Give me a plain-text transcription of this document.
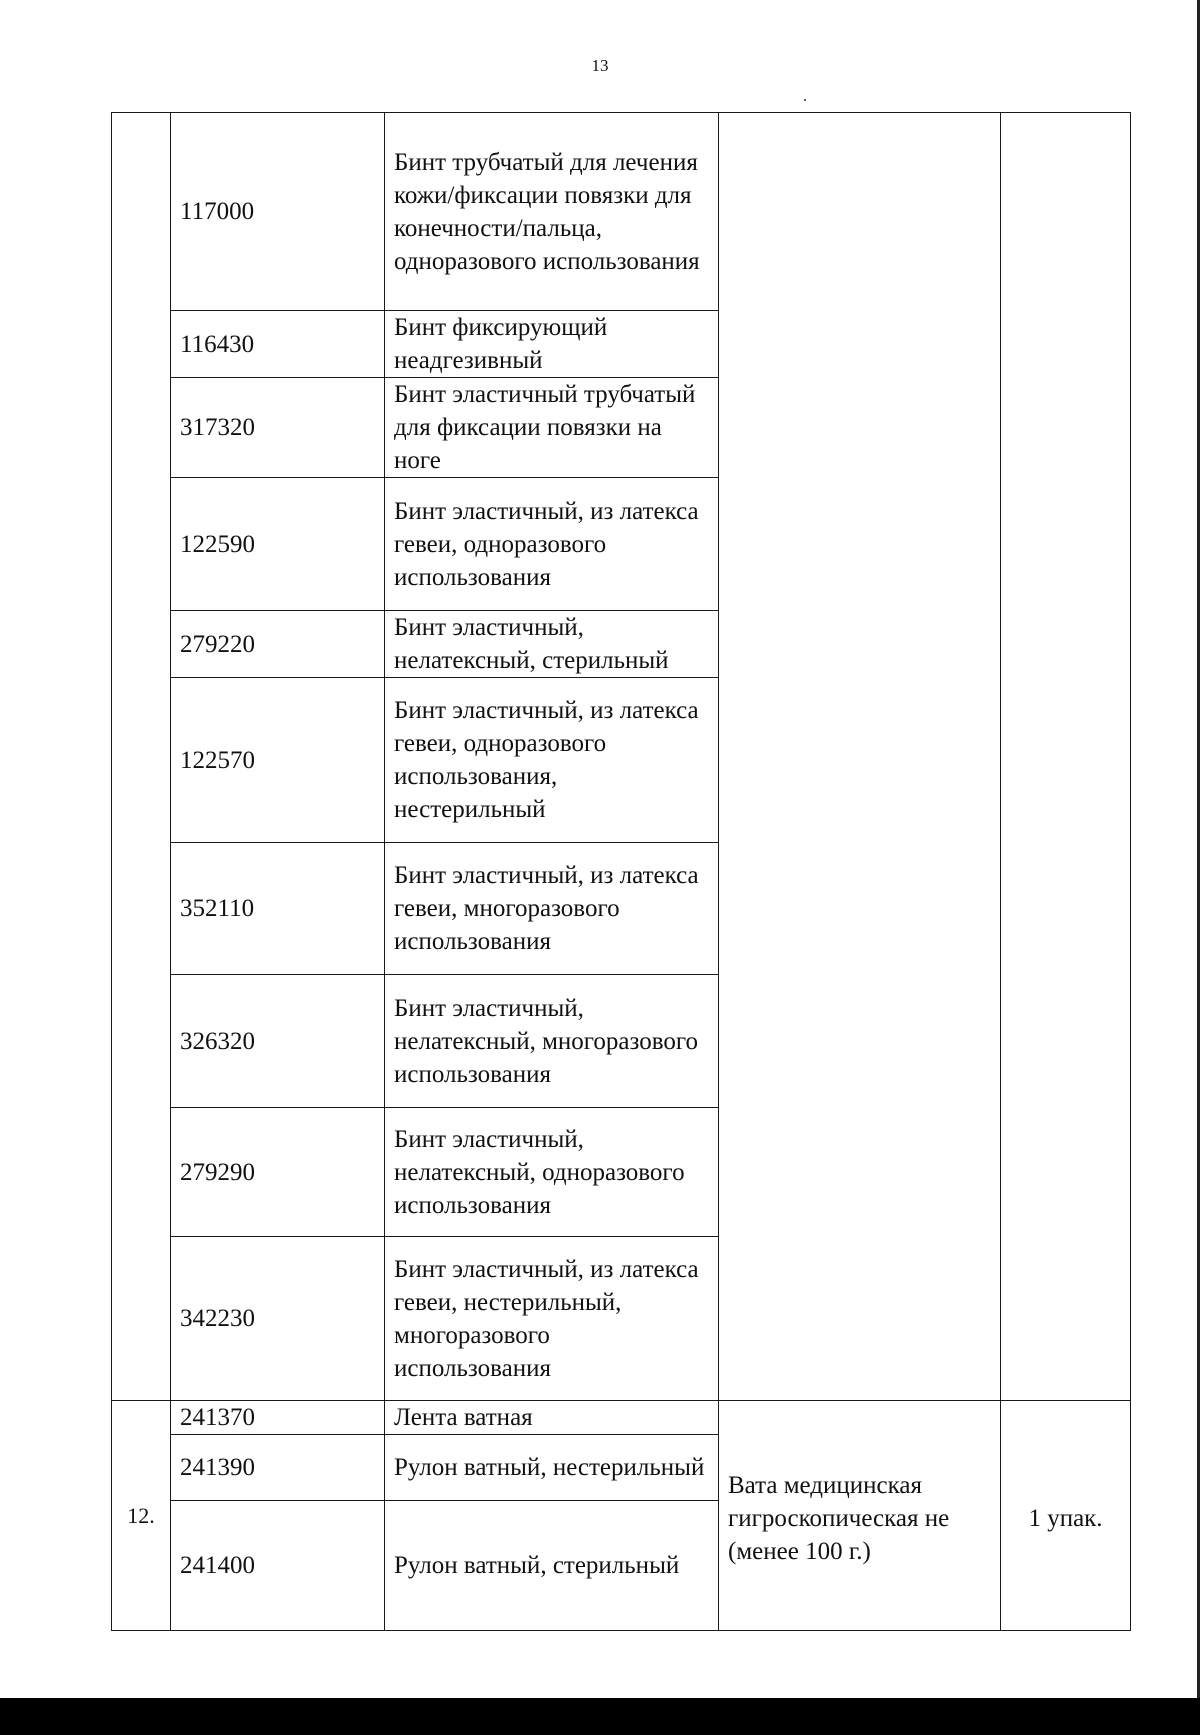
13
	117000	Бинт трубчатый для лечения кожи/фиксации повязки для конечности/пальца, одноразового использования		
	116430	Бинт фиксирующий неадгезивный		
	317320	Бинт эластичный трубчатый для фиксации повязки на ноге		
	122590	Бинт эластичный, из латекса гевеи, одноразового использования		
	279220	Бинт эластичный, нелатексный, стерильный		
	122570	Бинт эластичный, из латекса гевеи, одноразового использования, нестерильный		
	352110	Бинт эластичный, из латекса гевеи, многоразового использования		
	326320	Бинт эластичный, нелатексный, многоразового использования		
	279290	Бинт эластичный, нелатексный, одноразового использования		
	342230	Бинт эластичный, из латекса гевеи, нестерильный, многоразового использования		
12.	241370	Лента ватная	Вата медицинская гигроскопическая не (менее 100 г.)	1 упак.
	241390	Рулон ватный, нестерильный		
	241400	Рулон ватный, стерильный		
